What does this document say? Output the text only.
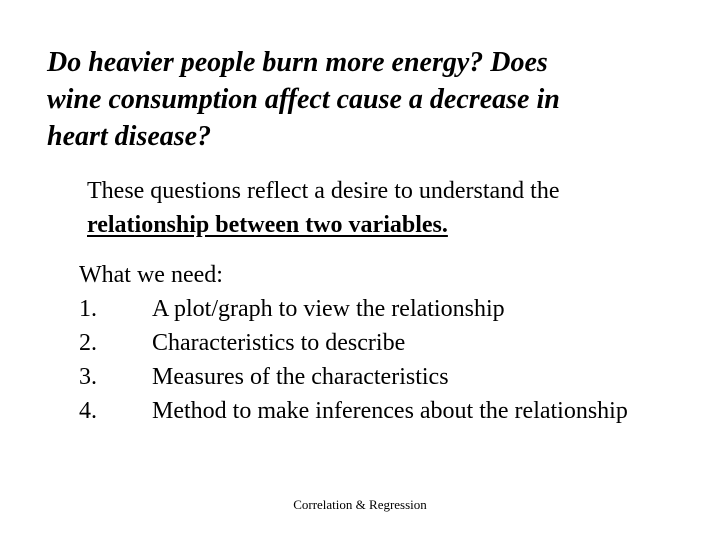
Do heavier people burn more energy? Does
wine consumption affect cause a decrease in
heart disease?
These questions reflect a desire to understand the
relationship between two variables.
What we need:
1.	A plot/graph to view the relationship
2.	Characteristics to describe
3.	Measures of the characteristics
4.	Method to make inferences about the relationship
Correlation & Regression
